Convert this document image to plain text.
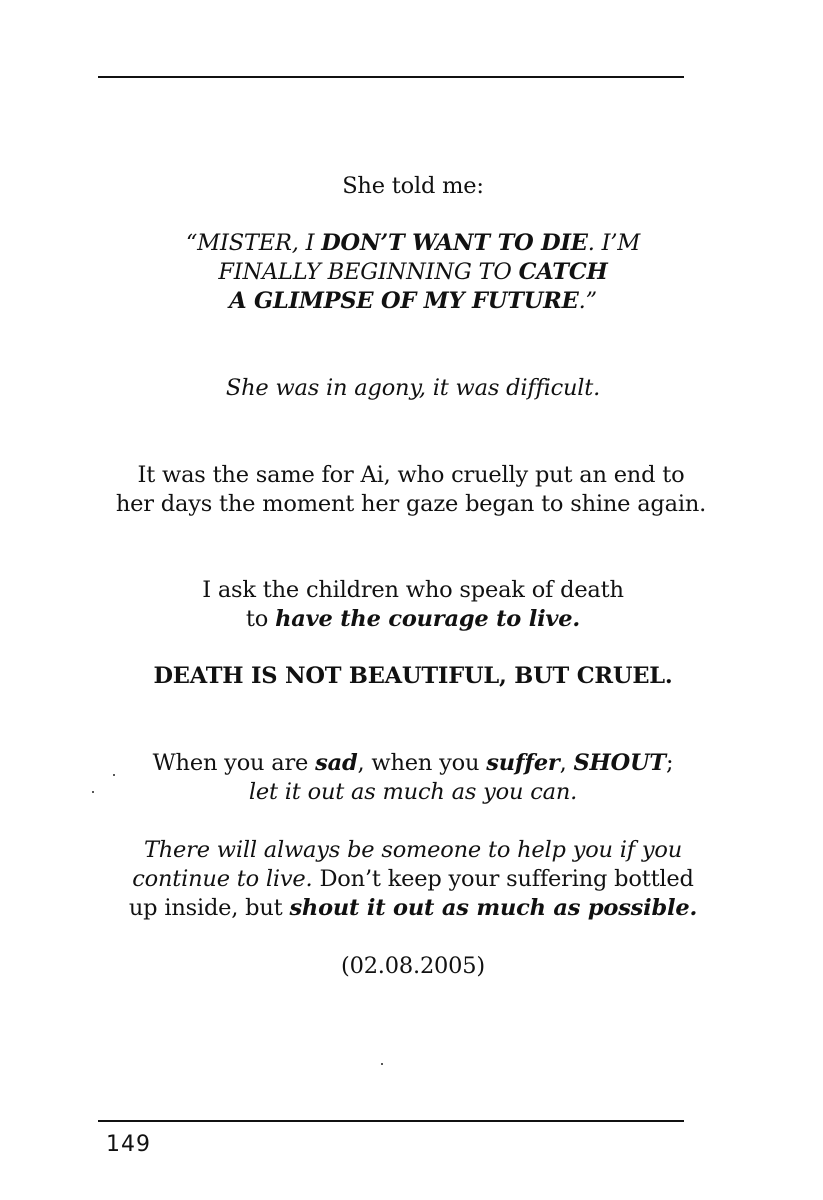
She told me:
“MISTER, I DON’T WANT TO DIE. I’M
FINALLY BEGINNING TO CATCH
A GLIMPSE OF MY FUTURE.”
She was in agony, it was difficult.
It was the same for Ai, who cruelly put an end to
her days the moment her gaze began to shine again.
I ask the children who speak of death
to have the courage to live.
DEATH IS NOT BEAUTIFUL, BUT CRUEL.
When you are sad, when you suffer, SHOUT;
let it out as much as you can.
There will always be someone to help you if you
continue to live. Don’t keep your suffering bottled
up inside, but shout it out as much as possible.
(02.08.2005)
149
